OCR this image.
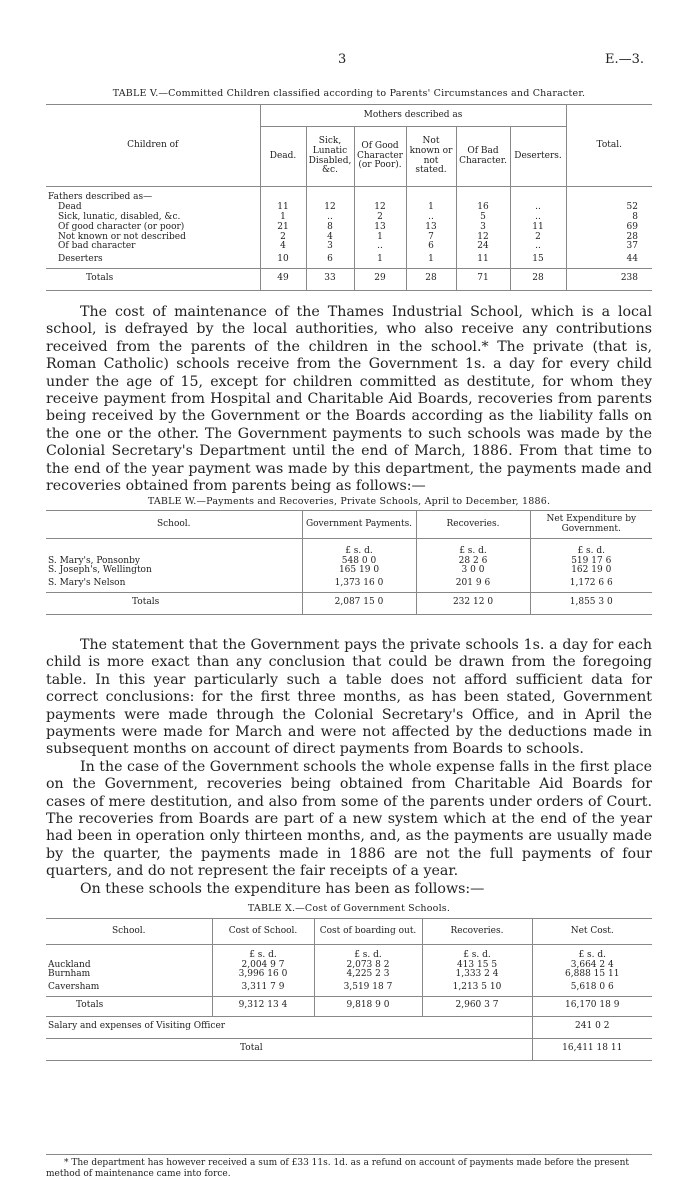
3	E.—3.
TABLE V.—Committed Children classified according to Parents' Circumstances and Character.
Children of	Mothers described as						Total.
	Dead.	Sick, Lunatic Disabled, &c.	Of Good Character (or Poor).	Not known or not stated.	Of Bad Character.	Deserters.	
Fathers described as—							
Dead	11	12	12	1	16	..	52
Sick, lunatic, disabled, &c.	1	..	2	..	5	..	8
Of good character (or poor)	21	8	13	13	3	11	69
Not known or not described	2	4	1	7	12	2	28
Of bad character	4	3	..	6	24	..	37
Deserters	10	6	1	1	11	15	44
Totals	49	33	29	28	71	28	238

The cost of maintenance of the Thames Industrial School, which is a local school, is defrayed by the local authorities, who also receive any contributions received from the parents of the children in the school.* The private (that is, Roman Catholic) schools receive from the Government 1s. a day for every child under the age of 15, except for children committed as destitute, for whom they receive payment from Hospital and Charitable Aid Boards, recoveries from parents being received by the Government or the Boards according as the liability falls on the one or the other. The Government payments to such schools was made by the Colonial Secretary's Department until the end of March, 1886. From that time to the end of the year payment was made by this department, the payments made and recoveries obtained from parents being as follows:—

TABLE W.—Payments and Recoveries, Private Schools, April to December, 1886.
School.	Government Payments.	Recoveries.	Net Expenditure by Government.
	£ s. d.	£ s. d.	£ s. d.
S. Mary's, Ponsonby	548 0 0	28 2 6	519 17 6
S. Joseph's, Wellington	165 19 0	3 0 0	162 19 0
S. Mary's Nelson	1,373 16 0	201 9 6	1,172 6 6
Totals	2,087 15 0	232 12 0	1,855 3 0

The statement that the Government pays the private schools 1s. a day for each child is more exact than any conclusion that could be drawn from the foregoing table. In this year particularly such a table does not afford sufficient data for correct conclusions: for the first three months, as has been stated, Government payments were made through the Colonial Secretary's Office, and in April the payments were made for March and were not affected by the deductions made in subsequent months on account of direct payments from Boards to schools.

In the case of the Government schools the whole expense falls in the first place on the Government, recoveries being obtained from Charitable Aid Boards for cases of mere destitution, and also from some of the parents under orders of Court. The recoveries from Boards are part of a new system which at the end of the year had been in operation only thirteen months, and, as the payments are usually made by the quarter, the payments made in 1886 are not the full payments of four quarters, and do not represent the fair receipts of a year.

On these schools the expenditure has been as follows:—

TABLE X.—Cost of Government Schools.
School.	Cost of School.	Cost of boarding out.	Recoveries.	Net Cost.
	£ s. d.	£ s. d.	£ s. d.	£ s. d.
Auckland	2,004 9 7	2,073 8 2	413 15 5	3,664 2 4
Burnham	3,996 16 0	4,225 2 3	1,333 2 4	6,888 15 11
Caversham	3,311 7 9	3,519 18 7	1,213 5 10	5,618 0 6
Totals	9,312 13 4	9,818 9 0	2,960 3 7	16,170 18 9
Salary and expenses of Visiting Officer				241 0 2
	Total			16,411 18 11

* The department has however received a sum of £33 11s. 1d. as a refund on account of payments made before the present method of maintenance came into force.
